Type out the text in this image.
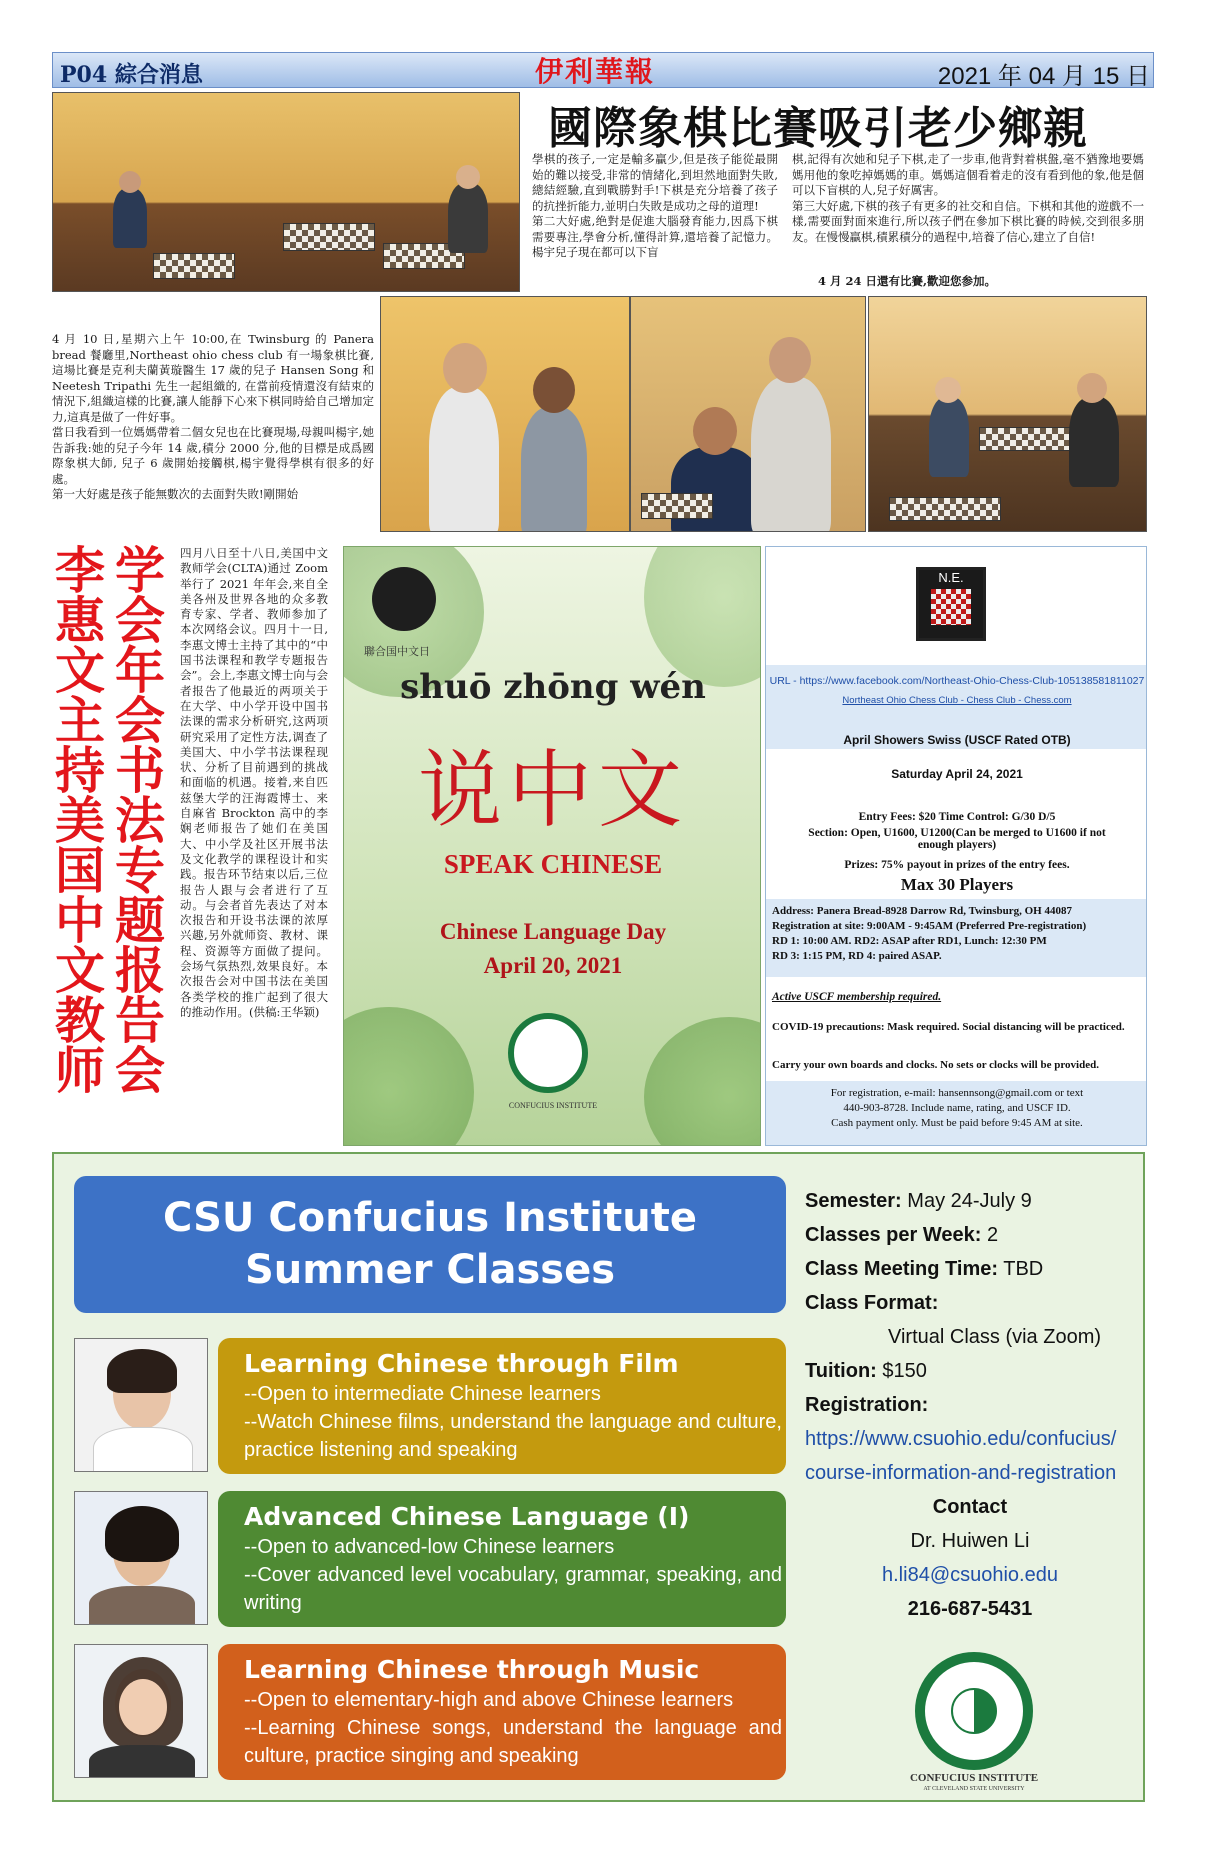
P04 綜合消息	伊利華報	2021 年 04 月 15 日
國際象棋比賽吸引老少鄉親
學棋的孩子,一定是輸多贏少,但是孩子能從最開始的難以接受,非常的情緒化,到坦然地面對失敗,總結經驗,直到戰勝對手!下棋是充分培養了孩子的抗挫折能力,並明白失敗是成功之母的道理!
第二大好處,绝對是促進大腦發育能力,因爲下棋需要專注,學會分析,懂得計算,還培養了記憶力。楊宇兒子現在都可以下盲
棋,記得有次她和兒子下棋,走了一步車,他背對着棋盤,毫不猶豫地要媽媽用他的象吃掉媽媽的車。媽媽這個看着走的沒有看到他的象,他是個可以下盲棋的人,兒子好厲害。
第三大好處,下棋的孩子有更多的社交和自信。下棋和其他的遊戲不一樣,需要面對面來進行,所以孩子們在參加下棋比賽的時候,交到很多朋友。在慢慢贏棋,積累積分的過程中,培養了信心,建立了自信!
4 月 24 日還有比賽,歡迎您参加。
4 月 10 日,星期六上午 10:00,在 Twinsburg 的 Panera bread 餐廳里,Northeast ohio chess club 有一場象棋比賽, 這場比賽是克利夫蘭黃璇醫生 17 歲的兒子 Hansen Song 和 Neetesh Tripathi 先生一起組織的, 在當前疫情還沒有結束的情況下,組織這樣的比賽,讓人能靜下心來下棋同時給自己增加定力,這真是做了一件好事。
當日我看到一位媽媽帶着二個女兒也在比賽現場,母親叫楊宇,她告訴我:她的兒子今年 14 歲,積分 2000 分,他的目標是成爲國際象棋大師, 兒子 6 歲開始接觸棋,楊宇覺得學棋有很多的好處。
第一大好處是孩子能無數次的去面對失敗!剛開始
学会年会书法专题报告会
李惠文主持美国中文教师
四月八日至十八日,美国中文教师学会(CLTA)通过 Zoom 举行了 2021 年年会,来自全美各州及世界各地的众多教育专家、学者、教师参加了本次网络会议。四月十一日,李惠文博士主持了其中的“中国书法课程和教学专题报告会”。会上,李惠文博士向与会者报告了他最近的两项关于在大学、中小学开设中国书法课的需求分析研究,这两项研究采用了定性方法,调查了美国大、中小学书法课程现状、分析了目前遇到的挑战和面临的机遇。接着,来自匹兹堡大学的汪海霞博士、来自麻省 Brockton 高中的李娴老师报告了她们在美国大、中小学及社区开展书法及文化教学的课程设计和实践。报告环节结束以后,三位报告人跟与会者进行了互动。与会者首先表达了对本次报告和开设书法课的浓厚兴趣,另外就师资、教材、课程、资源等方面做了提问。会场气氛热烈,效果良好。本次报告会对中国书法在美国各类学校的推广起到了很大的推动作用。(供稿:王华颖)
聯合国中文日
shuō zhōng wén
说中文
SPEAK CHINESE
Chinese Language Day
April 20, 2021
CONFUCIUS INSTITUTE
N.E.
URL - https://www.facebook.com/Northeast-Ohio-Chess-Club-105138581811027
Northeast Ohio Chess Club - Chess Club - Chess.com
April Showers Swiss (USCF Rated OTB)
Saturday April 24, 2021
Entry Fees: $20 Time Control: G/30 D/5
Section: Open, U1600, U1200(Can be merged to U1600 if not enough players)
Prizes: 75% payout in prizes of the entry fees.
Max 30 Players
Address: Panera Bread-8928 Darrow Rd, Twinsburg, OH 44087
Registration at site: 9:00AM - 9:45AM (Preferred Pre-registration)
RD 1: 10:00 AM. RD2: ASAP after RD1, Lunch: 12:30 PM
RD 3: 1:15 PM, RD 4: paired ASAP.
Active USCF membership required.
COVID-19 precautions: Mask required. Social distancing will be practiced.
Carry your own boards and clocks. No sets or clocks will be provided.
For registration, e-mail: hansennsong@gmail.com or text
440-903-8728. Include name, rating, and USCF ID.
Cash payment only. Must be paid before 9:45 AM at site.
CSU Confucius Institute
Summer Classes
Learning Chinese through Film
--Open to intermediate Chinese learners
--Watch Chinese films, understand the language and culture, practice listening and speaking
Advanced Chinese Language (I)
--Open to advanced-low Chinese learners
--Cover advanced level vocabulary, grammar, speaking, and writing
Learning Chinese through Music
--Open to elementary-high and above Chinese learners
--Learning Chinese songs, understand the language and culture, practice singing and speaking
Semester: May 24-July 9
Classes per Week: 2
Class Meeting Time: TBD
Class Format:
Virtual Class (via Zoom)
Tuition: $150
Registration:
https://www.csuohio.edu/confucius/
course-information-and-registration
Contact
Dr. Huiwen Li
h.li84@csuohio.edu
216-687-5431
CONFUCIUS INSTITUTE
AT CLEVELAND STATE UNIVERSITY
